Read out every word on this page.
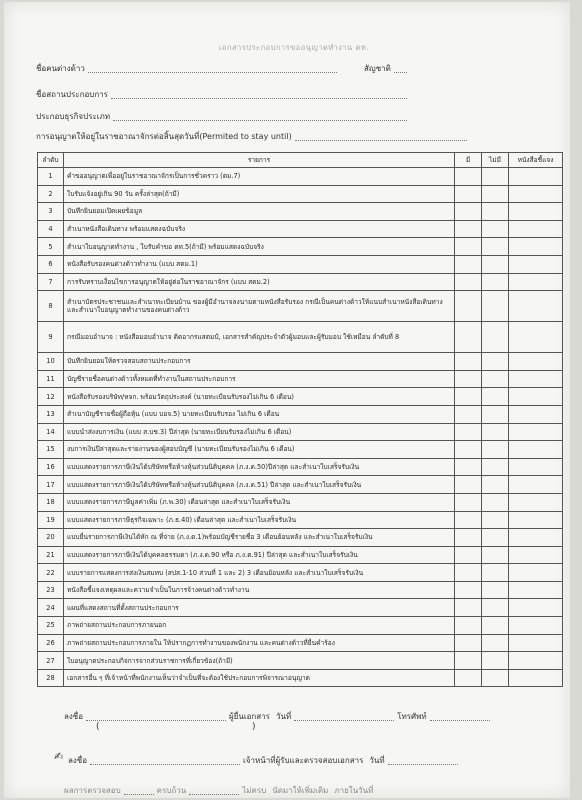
เอกสารประกอบการขออนุญาตทำงาน ตท.
ชื่อคนต่างด้าว	สัญชาติ
ชื่อสถานประกอบการ
ประกอบธุรกิจประเภท
การอนุญาตให้อยู่ในราชอาณาจักรต่อสิ้นสุดวันที่(Permited to stay until)
ลำดับ	รายการ	มี	ไม่มี	หนังสือชี้แจง
1	คำขออนุญาตเพื่ออยู่ในราชอาณาจักรเป็นการชั่วคราว (ตม.7)			
2	ใบรับแจ้งอยู่เกิน 90 วัน ครั้งล่าสุด(ถ้ามี)			
3	บันทึกยินยอมเปิดเผยข้อมูล			
4	สำเนาหนังสือเดินทาง พร้อมแสดงฉบับจริง			
5	สำเนาใบอนุญาตทำงาน , ใบรับคำขอ ตท.5(ถ้ามี) พร้อมแสดงฉบับจริง			
6	หนังสือรับรองคนต่างด้าวทำงาน (แบบ สตม.1)			
7	การรับทราบเงื่อนไขการอนุญาตให้อยู่ต่อในราชอาณาจักร (แบบ สตม.2)			
8	สำเนาบัตรประชาชนและสำเนาทะเบียนบ้าน ของผู้มีอำนาจลงนามตามหนังสือรับรอง กรณีเป็นคนต่างด้าวให้แนบสำเนาหนังสือเดินทางและสำเนาใบอนุญาตทำงานของคนต่างด้าว			
9	กรณีมอบอำนาจ : หนังสือมอบอำนาจ ติดอากรแสตมป์, เอกสารสำคัญประจำตัวผู้มอบและผู้รับมอบ ใช้เหมือน ลำดับที่ 8			
10	บันทึกยินยอมให้ตรวจสอบสถานประกอบการ			
11	บัญชีรายชื่อคนต่างด้าวทั้งหมดที่ทำงานในสถานประกอบการ			
12	หนังสือรับรองบริษัท/หจก. พร้อมวัตถุประสงค์ (นายทะเบียนรับรองไม่เกิน 6 เดือน)			
13	สำเนาบัญชีรายชื่อผู้ถือหุ้น (แบบ บอจ.5) นายทะเบียนรับรอง ไม่เกิน 6 เดือน			
14	แบบนำส่งงบการเงิน (แบบ ส.บช.3) ปีล่าสุด (นายทะเบียนรับรองไม่เกิน 6 เดือน)			
15	งบการเงินปีล่าสุดและรายงานของผู้สอบบัญชี (นายทะเบียนรับรองไม่เกิน 6 เดือน)			
16	แบบแสดงรายการภาษีเงินได้บริษัทหรือห้างหุ้นส่วนนิติบุคคล (ภ.ง.ด.50)ปีล่าสุด และสำเนาใบเสร็จรับเงิน			
17	แบบแสดงรายการภาษีเงินได้บริษัทหรือห้างหุ้นส่วนนิติบุคคล (ภ.ง.ด.51) ปีล่าสุด และสำเนาใบเสร็จรับเงิน			
18	แบบแสดงรายการภาษีมูลค่าเพิ่ม (ภ.พ.30) เดือนล่าสุด และสำเนาใบเสร็จรับเงิน			
19	แบบแสดงรายการภาษีธุรกิจเฉพาะ (ภ.ธ.40) เดือนล่าสุด และสำเนาใบเสร็จรับเงิน			
20	แบบยื่นรายการภาษีเงินได้หัก ณ ที่จ่าย (ภ.ง.ด.1)พร้อมบัญชีรายชื่อ 3 เดือนย้อนหลัง และสำเนาใบเสร็จรับเงิน			
21	แบบแสดงรายการภาษีเงินได้บุคคลธรรมดา (ภ.ง.ด.90 หรือ ภ.ง.ด.91) ปีล่าสุด และสำเนาใบเสร็จรับเงิน			
22	แบบรายการแสดงการส่งเงินสมทบ (สปส.1-10 ส่วนที่ 1 และ 2) 3 เดือนย้อนหลัง และสำเนาใบเสร็จรับเงิน			
23	หนังสือชี้แจงเหตุผลและความจำเป็นในการจ้างคนต่างด้าวทำงาน			
24	แผนที่แสดงสถานที่ตั้งสถานประกอบการ			
25	ภาพถ่ายสถานประกอบการภายนอก			
26	ภาพถ่ายสถานประกอบการภายใน ให้ปรากฏการทำงานของพนักงาน และคนต่างด้าวที่ยื่นคำร้อง			
27	ใบอนุญาตประกอบกิจการจากส่วนราชการที่เกี่ยวข้อง(ถ้ามี)			
28	เอกสารอื่น ๆ ที่เจ้าหน้าที่พนักงานเห็นว่าจำเป็นที่จะต้องใช้ประกอบการพิจารณาอนุญาต			
ลงชื่อ	ผู้ยื่นเอกสาร วันที่	โทรศัพท์
(	)
✍ ลงชื่อ	เจ้าหน้าที่ผู้รับและตรวจสอบเอกสาร วันที่
ผลการตรวจสอบ	ครบถ้วน	ไม่ครบ นัดมาให้เพิ่มเติม ภายในวันที่
